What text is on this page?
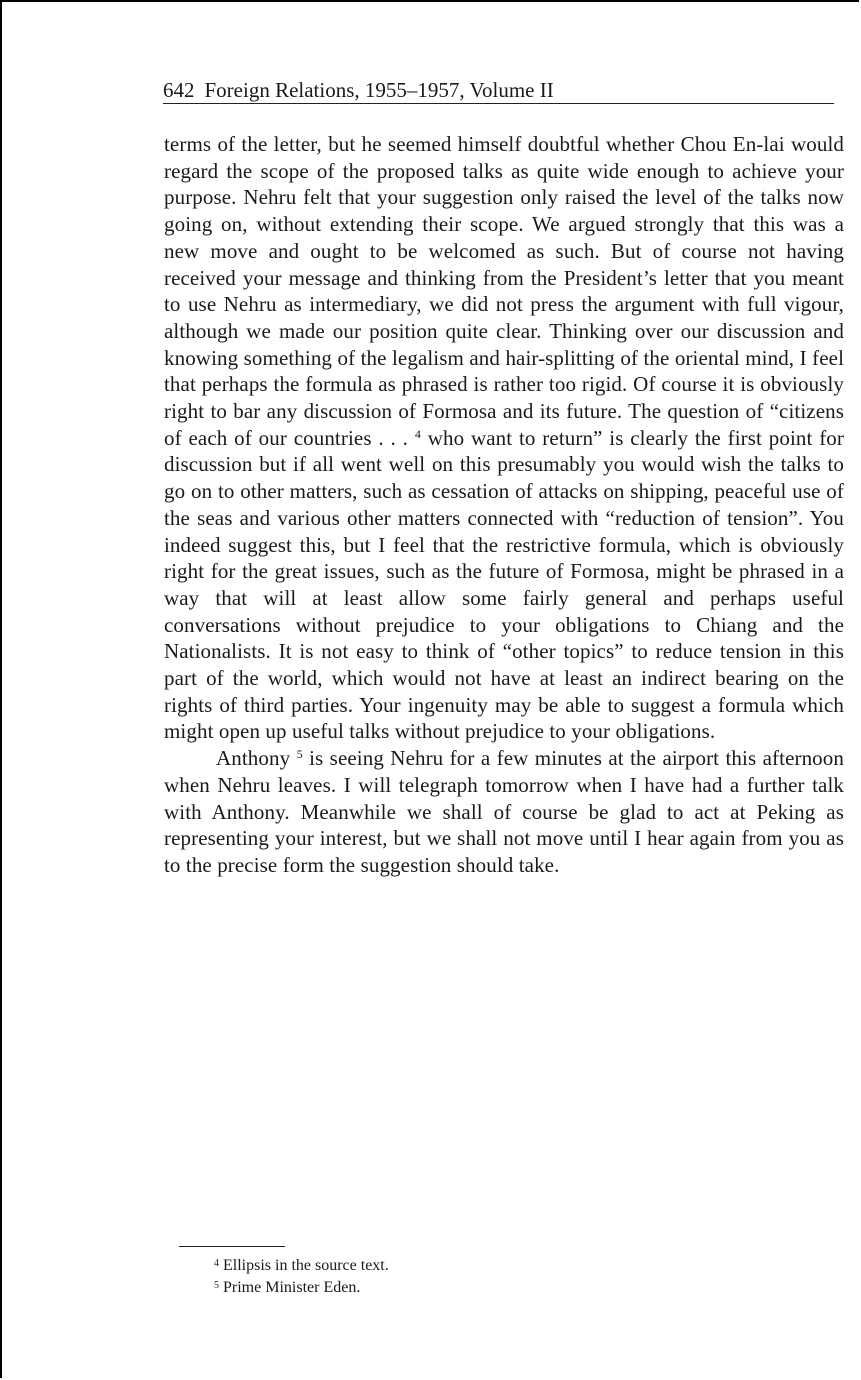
642 Foreign Relations, 1955–1957, Volume II

terms of the letter, but he seemed himself doubtful whether Chou En-lai would regard the scope of the proposed talks as quite wide enough to achieve your purpose. Nehru felt that your suggestion only raised the level of the talks now going on, without extending their scope. We argued strongly that this was a new move and ought to be welcomed as such. But of course not having received your message and thinking from the President’s letter that you meant to use Nehru as intermediary, we did not press the argument with full vigour, although we made our position quite clear. Thinking over our discussion and knowing something of the legalism and hair-splitting of the oriental mind, I feel that perhaps the formula as phrased is rather too rigid. Of course it is obviously right to bar any discussion of Formosa and its future. The question of “citizens of each of our countries . . . $^4$ who want to return” is clearly the first point for discussion but if all went well on this presumably you would wish the talks to go on to other matters, such as cessation of attacks on shipping, peaceful use of the seas and various other matters connected with “reduction of tension”. You indeed suggest this, but I feel that the restrictive formula, which is obviously right for the great issues, such as the future of Formosa, might be phrased in a way that will at least allow some fairly general and perhaps useful conversations without prejudice to your obligations to Chiang and the Nationalists. It is not easy to think of “other topics” to reduce tension in this part of the world, which would not have at least an indirect bearing on the rights of third parties. Your ingenuity may be able to suggest a formula which might open up useful talks without prejudice to your obligations.

Anthony $^5$ is seeing Nehru for a few minutes at the airport this afternoon when Nehru leaves. I will telegraph tomorrow when I have had a further talk with Anthony. Meanwhile we shall of course be glad to act at Peking as representing your interest, but we shall not move until I hear again from you as to the precise form the suggestion should take.

$^4$ Ellipsis in the source text.
$^5$ Prime Minister Eden.
